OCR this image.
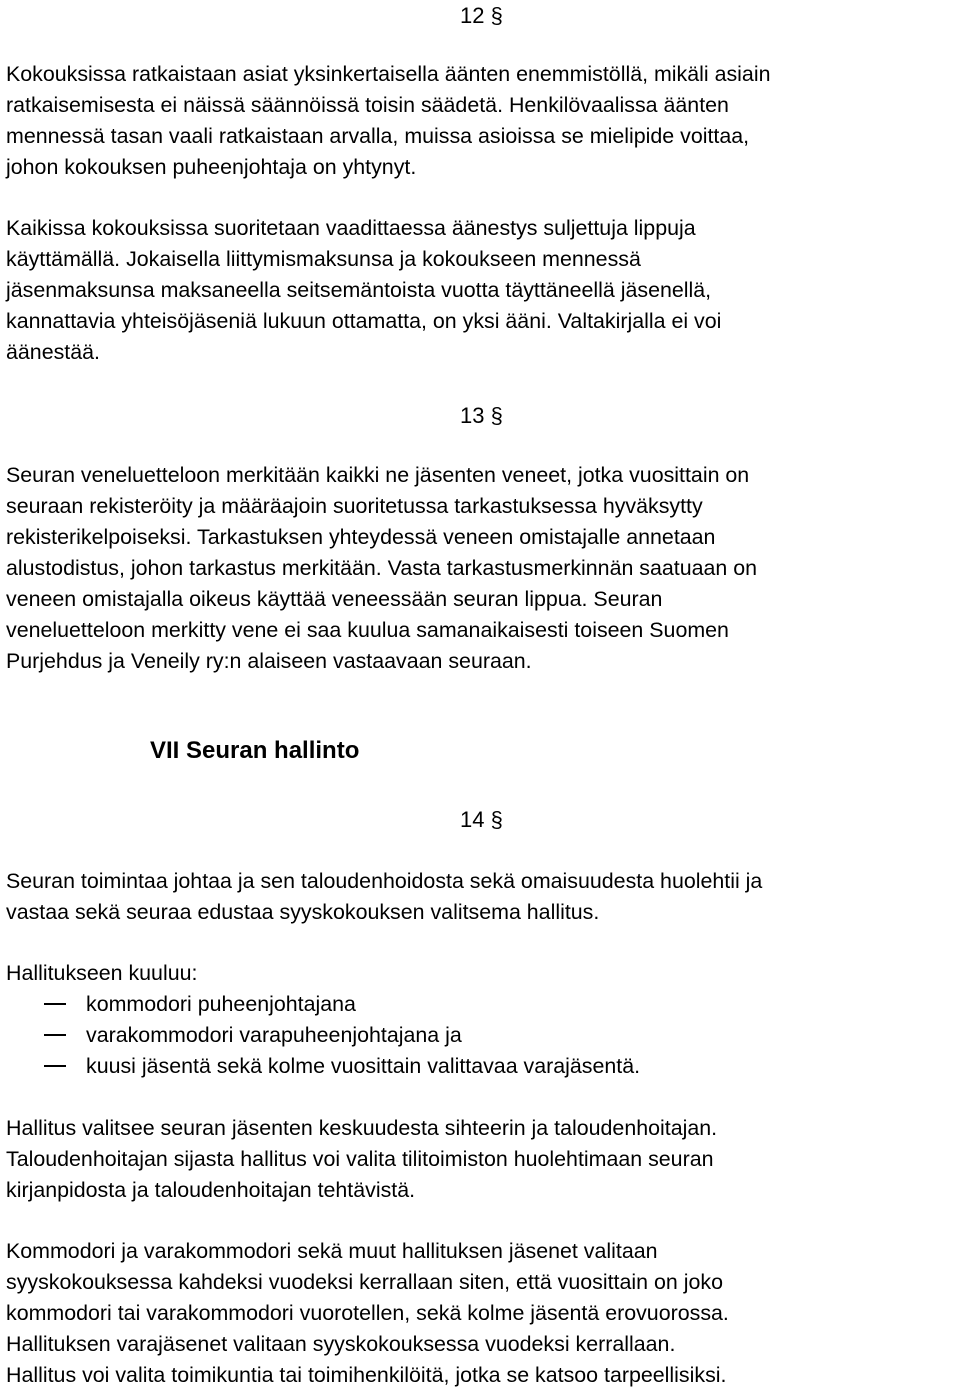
12 §
Kokouksissa ratkaistaan asiat yksinkertaisella äänten enemmistöllä, mikäli asiain
ratkaisemisesta ei näissä säännöissä toisin säädetä. Henkilövaalissa äänten
mennessä tasan vaali ratkaistaan arvalla, muissa asioissa se mielipide voittaa,
johon kokouksen puheenjohtaja on yhtynyt.
Kaikissa kokouksissa suoritetaan vaadittaessa äänestys suljettuja lippuja
käyttämällä. Jokaisella liittymismaksunsa ja kokoukseen mennessä
jäsenmaksunsa maksaneella seitsemäntoista vuotta täyttäneellä jäsenellä,
kannattavia yhteisöjäseniä lukuun ottamatta, on yksi ääni. Valtakirjalla ei voi
äänestää.
13 §
Seuran veneluetteloon merkitään kaikki ne jäsenten veneet, jotka vuosittain on
seuraan rekisteröity ja määräajoin suoritetussa tarkastuksessa hyväksytty
rekisterikelpoiseksi. Tarkastuksen yhteydessä veneen omistajalle annetaan
alustodistus, johon tarkastus merkitään. Vasta tarkastusmerkinnän saatuaan on
veneen omistajalla oikeus käyttää veneessään seuran lippua. Seuran
veneluetteloon merkitty vene ei saa kuulua samanaikaisesti toiseen Suomen
Purjehdus ja Veneily ry:n alaiseen vastaavaan seuraan.
VII Seuran hallinto
14 §
Seuran toimintaa johtaa ja sen taloudenhoidosta sekä omaisuudesta huolehtii ja
vastaa sekä seuraa edustaa syyskokouksen valitsema hallitus.
Hallitukseen kuuluu:
kommodori puheenjohtajana
varakommodori varapuheenjohtajana ja
kuusi jäsentä sekä kolme vuosittain valittavaa varajäsentä.
Hallitus valitsee seuran jäsenten keskuudesta sihteerin ja taloudenhoitajan.
Taloudenhoitajan sijasta hallitus voi valita tilitoimiston huolehtimaan seuran
kirjanpidosta ja taloudenhoitajan tehtävistä.
Kommodori ja varakommodori sekä muut hallituksen jäsenet valitaan
syyskokouksessa kahdeksi vuodeksi kerrallaan siten, että vuosittain on joko
kommodori tai varakommodori vuorotellen, sekä kolme jäsentä erovuorossa.
Hallituksen varajäsenet valitaan syyskokouksessa vuodeksi kerrallaan.
Hallitus voi valita toimikuntia tai toimihenkilöitä, jotka se katsoo tarpeellisiksi.
